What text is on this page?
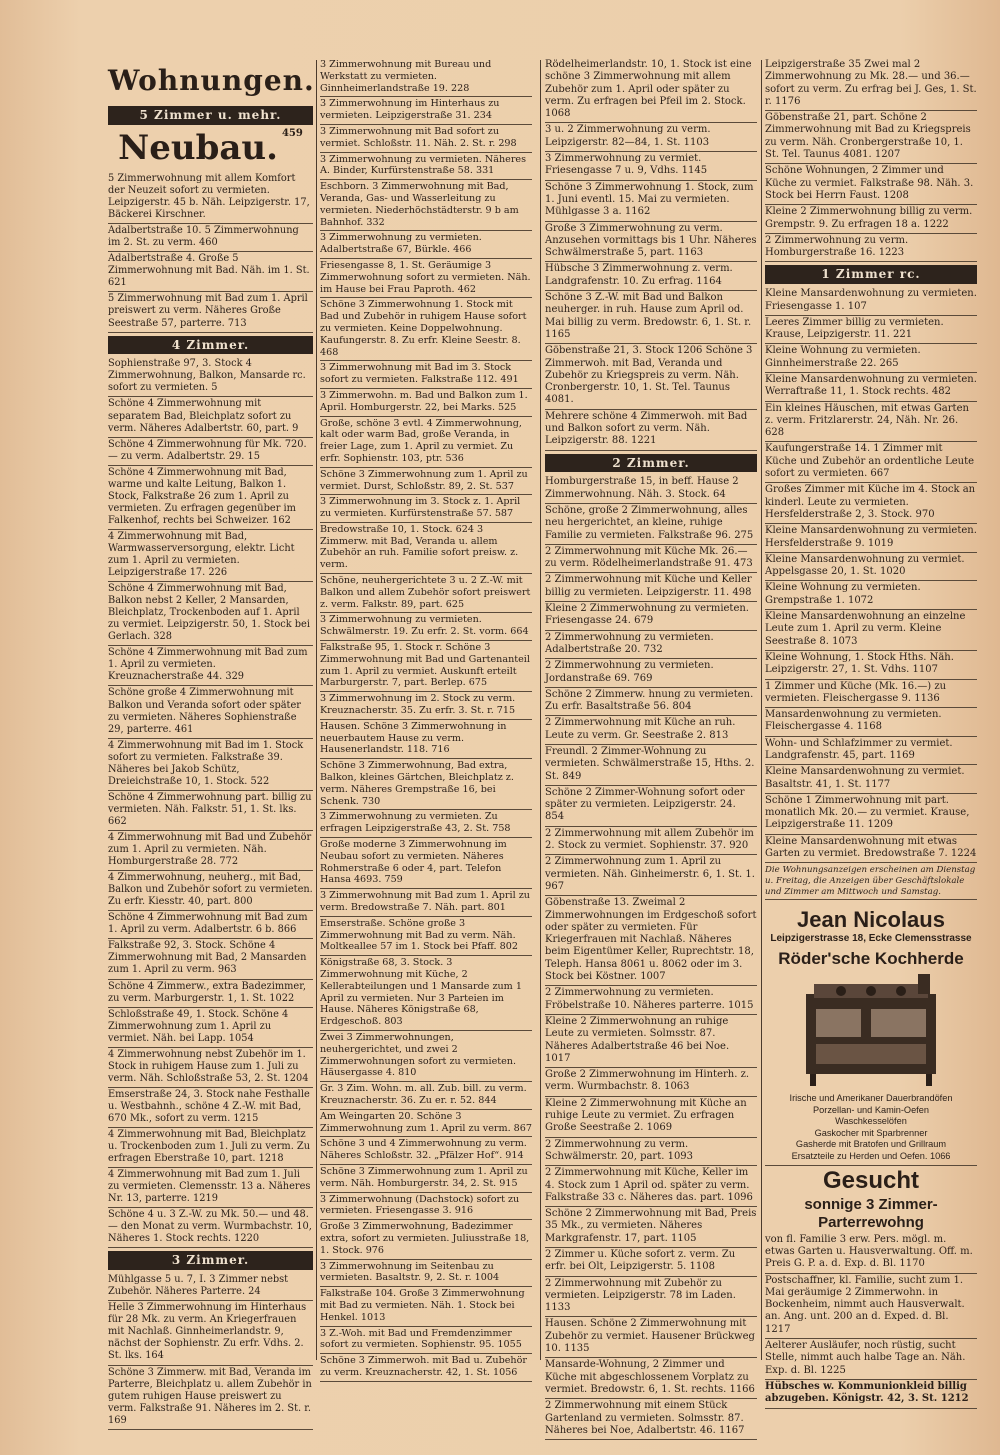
Wohnungen.
5 Zimmer u. mehr.
Neubau. $^{459}$
5 Zimmerwohnung mit allem Komfort der Neuzeit sofort zu vermieten. Leipzigerstr. 45 b. Näh. Leipzigerstr. 17, Bäckerei Kirschner.
Adalbertstraße 10. 5 Zimmerwohnung im 2. St. zu verm. 460
Adalbertstraße 4. Große 5 Zimmerwohnung mit Bad. Näh. im 1. St. 621
5 Zimmerwohnung mit Bad zum 1. April preiswert zu verm. Näheres Große Seestraße 57, parterre. 713
4 Zimmer.
Sophienstraße 97, 3. Stock 4 Zimmerwohnung, Balkon, Mansarde rc. sofort zu vermieten. 5
Schöne 4 Zimmerwohnung mit separatem Bad, Bleichplatz sofort zu verm. Näheres Adalbertstr. 60, part. 9
Schöne 4 Zimmerwohnung für Mk. 720.— zu verm. Adalbertstr. 29. 15
Schöne 4 Zimmerwohnung mit Bad, warme und kalte Leitung, Balkon 1. Stock, Falkstraße 26 zum 1. April zu vermieten. Zu erfragen gegenüber im Falkenhof, rechts bei Schweizer. 162
4 Zimmerwohnung mit Bad, Warmwasserversorgung, elektr. Licht zum 1. April zu vermieten. Leipzigerstraße 17. 226
Schöne 4 Zimmerwohnung mit Bad, Balkon nebst 2 Keller, 2 Mansarden, Bleichplatz, Trockenboden auf 1. April zu vermiet. Leipzigerstr. 50, 1. Stock bei Gerlach. 328
Schöne 4 Zimmerwohnung mit Bad zum 1. April zu vermieten. Kreuznacherstraße 44. 329
Schöne große 4 Zimmerwohnung mit Balkon und Veranda sofort oder später zu vermieten. Näheres Sophienstraße 29, parterre. 461
4 Zimmerwohnung mit Bad im 1. Stock sofort zu vermieten. Falkstraße 39. Näheres bei Jakob Schütz, Dreieichstraße 10, 1. Stock. 522
Schöne 4 Zimmerwohnung part. billig zu vermieten. Näh. Falkstr. 51, 1. St. lks. 662
4 Zimmerwohnung mit Bad und Zubehör zum 1. April zu vermieten. Näh. Homburgerstraße 28. 772
4 Zimmerwohnung, neuherg., mit Bad, Balkon und Zubehör sofort zu vermieten. Zu erfr. Kiesstr. 40, part. 800
Schöne 4 Zimmerwohnung mit Bad zum 1. April zu verm. Adalbertstr. 6 b. 866
Falkstraße 92, 3. Stock. Schöne 4 Zimmerwohnung mit Bad, 2 Mansarden zum 1. April zu verm. 963
Schöne 4 Zimmerw., extra Badezimmer, zu verm. Marburgerstr. 1, 1. St. 1022
Schloßstraße 49, 1. Stock. Schöne 4 Zimmerwohnung zum 1. April zu vermiet. Näh. bei Lapp. 1054
4 Zimmerwohnung nebst Zubehör im 1. Stock in ruhigem Hause zum 1. Juli zu verm. Näh. Schloßstraße 53, 2. St. 1204
Emserstraße 24, 3. Stock nahe Festhalle u. Westbahnh., schöne 4 Z.-W. mit Bad, 670 Mk., sofort zu verm. 1215
4 Zimmerwohnung mit Bad, Bleichplatz u. Trockenboden zum 1. Juli zu verm. Zu erfragen Eberstraße 10, part. 1218
4 Zimmerwohnung mit Bad zum 1. Juli zu vermieten. Clemensstr. 13 a. Näheres Nr. 13, parterre. 1219
Schöne 4 u. 3 Z.-W. zu Mk. 50.— und 48.— den Monat zu verm. Wurmbachstr. 10, Näheres 1. Stock rechts. 1220
3 Zimmer.
Mühlgasse 5 u. 7, I. 3 Zimmer nebst Zubehör. Näheres Parterre. 24
Helle 3 Zimmerwohnung im Hinterhaus für 28 Mk. zu verm. An Kriegerfrauen mit Nachlaß. Ginnheimerlandstr. 9, nächst der Sophienstr. Zu erfr. Vdhs. 2. St. lks. 164
Schöne 3 Zimmerw. mit Bad, Veranda im Parterre, Bleichplatz u. allem Zubehör in gutem ruhigen Hause preiswert zu verm. Falkstraße 91. Näheres im 2. St. r. 169
3 Zimmerwohnung mit Bureau und Werkstatt zu vermieten. Ginnheimerlandstraße 19. 228
3 Zimmerwohnung im Hinterhaus zu vermieten. Leipzigerstraße 31. 234
3 Zimmerwohnung mit Bad sofort zu vermiet. Schloßstr. 11. Näh. 2. St. r. 298
3 Zimmerwohnung zu vermieten. Näheres A. Binder, Kurfürstenstraße 58. 331
Eschborn. 3 Zimmerwohnung mit Bad, Veranda, Gas- und Wasserleitung zu vermieten. Niederhöchstädterstr. 9 b am Bahnhof. 332
3 Zimmerwohnung zu vermieten. Adalbertstraße 67, Bürkle. 466
Friesengasse 8, 1. St. Geräumige 3 Zimmerwohnung sofort zu vermieten. Näh. im Hause bei Frau Paproth. 462
Schöne 3 Zimmerwohnung 1. Stock mit Bad und Zubehör in ruhigem Hause sofort zu vermieten. Keine Doppelwohnung. Kaufungerstr. 8. Zu erfr. Kleine Seestr. 8. 468
3 Zimmerwohnung mit Bad im 3. Stock sofort zu vermieten. Falkstraße 112. 491
3 Zimmerwohn. m. Bad und Balkon zum 1. April. Homburgerstr. 22, bei Marks. 525
Große, schöne 3 evtl. 4 Zimmerwohnung, kalt oder warm Bad, große Veranda, in freier Lage, zum 1. April zu vermiet. Zu erfr. Sophienstr. 103, ptr. 536
Schöne 3 Zimmerwohnung zum 1. April zu vermiet. Durst, Schloßstr. 89, 2. St. 537
3 Zimmerwohnung im 3. Stock z. 1. April zu vermieten. Kurfürstenstraße 57. 587
Bredowstraße 10, 1. Stock. 624 3 Zimmerw. mit Bad, Veranda u. allem Zubehör an ruh. Familie sofort preisw. z. verm.
Schöne, neuhergerichtete 3 u. 2 Z.-W. mit Balkon und allem Zubehör sofort preiswert z. verm. Falkstr. 89, part. 625
3 Zimmerwohnung zu vermieten. Schwälmerstr. 19. Zu erfr. 2. St. vorm. 664
Falkstraße 95, 1. Stock r. Schöne 3 Zimmerwohnung mit Bad und Gartenanteil zum 1. April zu vermiet. Auskunft erteilt Marburgerstr. 7, part. Berlep. 675
3 Zimmerwohnung im 2. Stock zu verm. Kreuznacherstr. 35. Zu erfr. 3. St. r. 715
Hausen. Schöne 3 Zimmerwohnung in neuerbautem Hause zu verm. Hausenerlandstr. 118. 716
Schöne 3 Zimmerwohnung, Bad extra, Balkon, kleines Gärtchen, Bleichplatz z. verm. Näheres Grempstraße 16, bei Schenk. 730
3 Zimmerwohnung zu vermieten. Zu erfragen Leipzigerstraße 43, 2. St. 758
Große moderne 3 Zimmerwohnung im Neubau sofort zu vermieten. Näheres Rohmerstraße 6 oder 4, part. Telefon Hansa 4693. 759
3 Zimmerwohnung mit Bad zum 1. April zu verm. Bredowstraße 7. Näh. part. 801
Emserstraße. Schöne große 3 Zimmerwohnung mit Bad zu verm. Näh. Moltkeallee 57 im 1. Stock bei Pfaff. 802
Königstraße 68, 3. Stock. 3 Zimmerwohnung mit Küche, 2 Kellerabteilungen und 1 Mansarde zum 1 April zu vermieten. Nur 3 Parteien im Hause. Näheres Königstraße 68, Erdgeschoß. 803
Zwei 3 Zimmerwohnungen, neuhergerichtet, und zwei 2 Zimmerwohnungen sofort zu vermieten. Häusergasse 4. 810
Gr. 3 Zim. Wohn. m. all. Zub. bill. zu verm. Kreuznacherstr. 36. Zu er. r. 52. 844
Am Weingarten 20. Schöne 3 Zimmerwohnung zum 1. April zu verm. 867
Schöne 3 und 4 Zimmerwohnung zu verm. Näheres Schloßstr. 32. „Pfälzer Hof“. 914
Schöne 3 Zimmerwohnung zum 1. April zu verm. Näh. Homburgerstr. 34, 2. St. 915
3 Zimmerwohnung (Dachstock) sofort zu vermieten. Friesengasse 3. 916
Große 3 Zimmerwohnung, Badezimmer extra, sofort zu vermieten. Juliusstraße 18, 1. Stock. 976
3 Zimmerwohnung im Seitenbau zu vermieten. Basaltstr. 9, 2. St. r. 1004
Falkstraße 104. Große 3 Zimmerwohnung mit Bad zu vermieten. Näh. 1. Stock bei Henkel. 1013
3 Z.-Woh. mit Bad und Fremdenzimmer sofort zu vermieten. Sophienstr. 95. 1055
Schöne 3 Zimmerwoh. mit Bad u. Zubehör zu verm. Kreuznacherstr. 42, 1. St. 1056
Rödelheimerlandstr. 10, 1. Stock ist eine schöne 3 Zimmerwohnung mit allem Zubehör zum 1. April oder später zu verm. Zu erfragen bei Pfeil im 2. Stock. 1068
3 u. 2 Zimmerwohnung zu verm. Leipzigerstr. 82—84, 1. St. 1103
3 Zimmerwohnung zu vermiet. Friesengasse 7 u. 9, Vdhs. 1145
Schöne 3 Zimmerwohnung 1. Stock, zum 1. Juni eventl. 15. Mai zu vermieten. Mühlgasse 3 a. 1162
Große 3 Zimmerwohnung zu verm. Anzusehen vormittags bis 1 Uhr. Näheres Schwälmerstraße 5, part. 1163
Hübsche 3 Zimmerwohnung z. verm. Landgrafenstr. 10. Zu erfrag. 1164
Schöne 3 Z.-W. mit Bad und Balkon neuherger. in ruh. Hause zum April od. Mai billig zu verm. Bredowstr. 6, 1. St. r. 1165
Göbenstraße 21, 3. Stock 1206 Schöne 3 Zimmerwoh. mit Bad, Veranda und Zubehör zu Kriegspreis zu verm. Näh. Cronbergerstr. 10, 1. St. Tel. Taunus 4081.
Mehrere schöne 4 Zimmerwoh. mit Bad und Balkon sofort zu verm. Näh. Leipzigerstr. 88. 1221
2 Zimmer.
Homburgerstraße 15, in beff. Hause 2 Zimmerwohnung. Näh. 3. Stock. 64
Schöne, große 2 Zimmerwohnung, alles neu hergerichtet, an kleine, ruhige Familie zu vermieten. Falkstraße 96. 275
2 Zimmerwohnung mit Küche Mk. 26.— zu verm. Rödelheimerlandstraße 91. 473
2 Zimmerwohnung mit Küche und Keller billig zu vermieten. Leipzigerstr. 11. 498
Kleine 2 Zimmerwohnung zu vermieten. Friesengasse 24. 679
2 Zimmerwohnung zu vermieten. Adalbertstraße 20. 732
2 Zimmerwohnung zu vermieten. Jordanstraße 69. 769
Schöne 2 Zimmerw. hnung zu vermieten. Zu erfr. Basaltstraße 56. 804
2 Zimmerwohnung mit Küche an ruh. Leute zu verm. Gr. Seestraße 2. 813
Freundl. 2 Zimmer-Wohnung zu vermieten. Schwälmerstraße 15, Hths. 2. St. 849
Schöne 2 Zimmer-Wohnung sofort oder später zu vermieten. Leipzigerstr. 24. 854
2 Zimmerwohnung mit allem Zubehör im 2. Stock zu vermiet. Sophienstr. 37. 920
2 Zimmerwohnung zum 1. April zu vermieten. Näh. Ginheimerstr. 6, 1. St. 1. 967
Göbenstraße 13. Zweimal 2 Zimmerwohnungen im Erdgeschoß sofort oder später zu vermieten. Für Kriegerfrauen mit Nachlaß. Näheres beim Eigentümer Keller, Ruprechtstr. 18, Teleph. Hansa 8061 u. 8062 oder im 3. Stock bei Köstner. 1007
2 Zimmerwohnung zu vermieten. Fröbelstraße 10. Näheres parterre. 1015
Kleine 2 Zimmerwohnung an ruhige Leute zu vermieten. Solmsstr. 87. Näheres Adalbertstraße 46 bei Noe. 1017
Große 2 Zimmerwohnung im Hinterh. z. verm. Wurmbachstr. 8. 1063
Kleine 2 Zimmerwohnung mit Küche an ruhige Leute zu vermiet. Zu erfragen Große Seestraße 2. 1069
2 Zimmerwohnung zu verm. Schwälmerstr. 20, part. 1093
2 Zimmerwohnung mit Küche, Keller im 4. Stock zum 1 April od. später zu verm. Falkstraße 33 c. Näheres das. part. 1096
Schöne 2 Zimmerwohnung mit Bad, Preis 35 Mk., zu vermieten. Näheres Markgrafenstr. 17, part. 1105
2 Zimmer u. Küche sofort z. verm. Zu erfr. bei Olt, Leipzigerstr. 5. 1108
2 Zimmerwohnung mit Zubehör zu vermieten. Leipzigerstr. 78 im Laden. 1133
Hausen. Schöne 2 Zimmerwohnung mit Zubehör zu vermiet. Hausener Brückweg 10. 1135
Mansarde-Wohnung, 2 Zimmer und Küche mit abgeschlossenem Vorplatz zu vermiet. Bredowstr. 6, 1. St. rechts. 1166
2 Zimmerwohnung mit einem Stück Gartenland zu vermieten. Solmsstr. 87. Näheres bei Noe, Adalbertstr. 46. 1167
Leipzigerstraße 35 Zwei mal 2 Zimmerwohnung zu Mk. 28.— und 36.— sofort zu verm. Zu erfrag bei J. Ges, 1. St. r. 1176
Göbenstraße 21, part. Schöne 2 Zimmerwohnung mit Bad zu Kriegspreis zu verm. Näh. Cronbergerstraße 10, 1. St. Tel. Taunus 4081. 1207
Schöne Wohnungen, 2 Zimmer und Küche zu vermiet. Falkstraße 98. Näh. 3. Stock bei Herrn Faust. 1208
Kleine 2 Zimmerwohnung billig zu verm. Grempstr. 9. Zu erfragen 18 a. 1222
2 Zimmerwohnung zu verm. Homburgerstraße 16. 1223
1 Zimmer rc.
Kleine Mansardenwohnung zu vermieten. Friesengasse 1. 107
Leeres Zimmer billig zu vermieten. Krause, Leipzigerstr. 11. 221
Kleine Wohnung zu vermieten. Ginnheimerstraße 22. 265
Kleine Mansardenwohnung zu vermieten. Werraftraße 11, 1. Stock rechts. 482
Ein kleines Häuschen, mit etwas Garten z. verm. Fritzlarerstr. 24, Näh. Nr. 26. 628
Kaufungerstraße 14. 1 Zimmer mit Küche und Zubehör an ordentliche Leute sofort zu vermieten. 667
Großes Zimmer mit Küche im 4. Stock an kinderl. Leute zu vermieten. Hersfelderstraße 2, 3. Stock. 970
Kleine Mansardenwohnung zu vermieten. Hersfelderstraße 9. 1019
Kleine Mansardenwohnung zu vermiet. Appelsgasse 20, 1. St. 1020
Kleine Wohnung zu vermieten. Grempstraße 1. 1072
Kleine Mansardenwohnung an einzelne Leute zum 1. April zu verm. Kleine Seestraße 8. 1073
Kleine Wohnung, 1. Stock Hths. Näh. Leipzigerstr. 27, 1. St. Vdhs. 1107
1 Zimmer und Küche (Mk. 16.—) zu vermieten. Fleischergasse 9. 1136
Mansardenwohnung zu vermieten. Fleischergasse 4. 1168
Wohn- und Schlafzimmer zu vermiet. Landgrafenstr. 45, part. 1169
Kleine Mansardenwohnung zu vermiet. Basaltstr. 41, 1. St. 1177
Schöne 1 Zimmerwohnung mit part. monatlich Mk. 20.— zu vermiet. Krause, Leipzigerstraße 11. 1209
Kleine Mansardenwohnung mit etwas Garten zu vermiet. Bredowstraße 7. 1224
Die Wohnungsanzeigen erscheinen am Dienstag u. Freitag, die Anzeigen über Geschäftslokale und Zimmer am Mittwoch und Samstag.
Jean Nicolaus
Leipzigerstrasse 18, Ecke Clemensstrasse
Röder'sche Kochherde
Irische und Amerikaner Dauerbrandöfen
Porzellan- und Kamin-Oefen
Waschkesselöfen
Gaskocher mit Sparbrenner
Gasherde mit Bratofen und Grillraum
Ersatzteile zu Herden und Oefen. 1066
Gesucht
sonnige 3 Zimmer-Parterrewohng
von fl. Familie 3 erw. Pers. mögl. m. etwas Garten u. Hausverwaltung. Off. m. Preis G. P. a. d. Exp. d. Bl. 1170
Postschaffner, kl. Familie, sucht zum 1. Mai geräumige 2 Zimmerwohn. in Bockenheim, nimmt auch Hausverwalt. an. Ang. unt. 200 an d. Exped. d. Bl. 1217
Aelterer Ausläufer, noch rüstig, sucht Stelle, nimmt auch halbe Tage an. Näh. Exp. d. Bl. 1225
Hübsches w. Kommunionkleid billig abzugeben. Königstr. 42, 3. St. 1212
